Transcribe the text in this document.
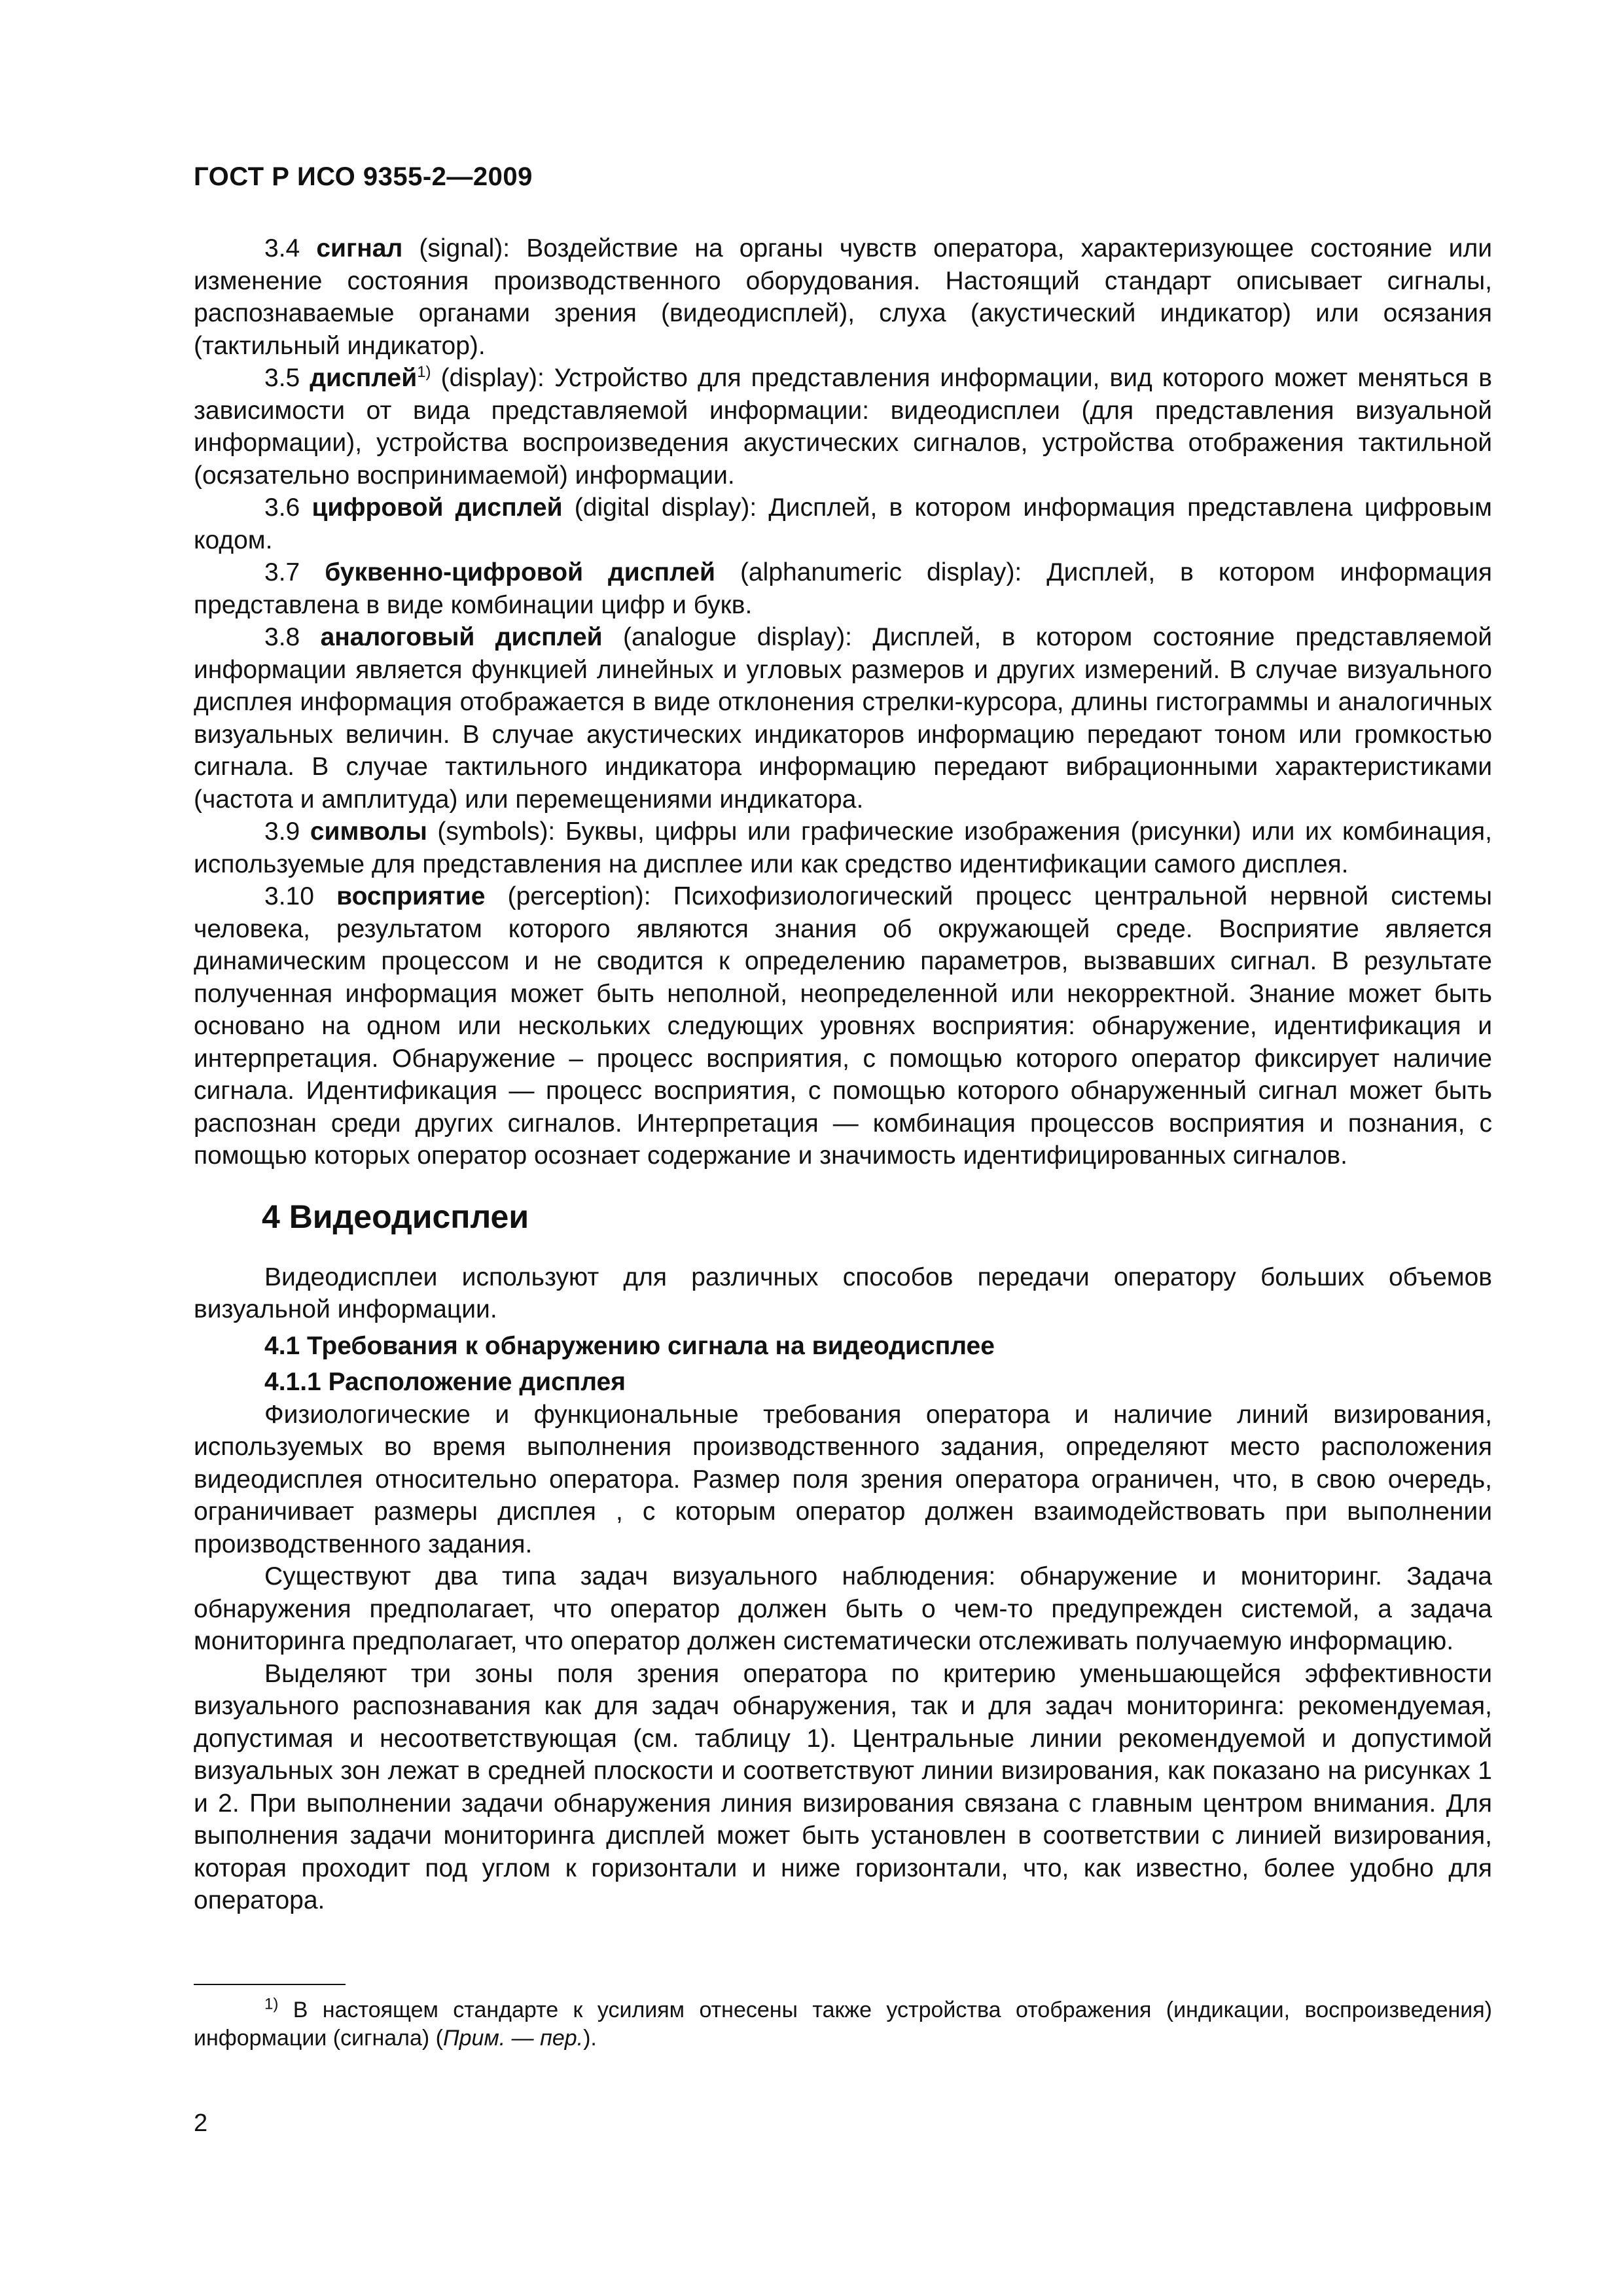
ГОСТ Р ИСО 9355-2—2009

3.4 сигнал (signal): Воздействие на органы чувств оператора, характеризующее состояние или изменение состояния производственного оборудования. Настоящий стандарт описывает сигналы, распознаваемые органами зрения (видеодисплей), слуха (акустический индикатор) или осязания (тактильный индикатор).

3.5 дисплей$^{1)}$ (display): Устройство для представления информации, вид которого может меняться в зависимости от вида представляемой информации: видеодисплеи (для представления визуальной информации), устройства воспроизведения акустических сигналов, устройства отображения тактильной (осязательно воспринимаемой) информации.

3.6 цифровой дисплей (digital display): Дисплей, в котором информация представлена цифровым кодом.

3.7 буквенно-цифровой дисплей (alphanumeric display): Дисплей, в котором информация представлена в виде комбинации цифр и букв.

3.8 аналоговый дисплей (analogue display): Дисплей, в котором состояние представляемой информации является функцией линейных и угловых размеров и других измерений. В случае визуального дисплея информация отображается в виде отклонения стрелки-курсора, длины гистограммы и аналогичных визуальных величин. В случае акустических индикаторов информацию передают тоном или громкостью сигнала. В случае тактильного индикатора информацию передают вибрационными характеристиками (частота и амплитуда) или перемещениями индикатора.

3.9 символы (symbols): Буквы, цифры или графические изображения (рисунки) или их комбинация, используемые для представления на дисплее или как средство идентификации самого дисплея.

3.10 восприятие (perception): Психофизиологический процесс центральной нервной системы человека, результатом которого являются знания об окружающей среде. Восприятие является динамическим процессом и не сводится к определению параметров, вызвавших сигнал. В результате полученная информация может быть неполной, неопределенной или некорректной. Знание может быть основано на одном или нескольких следующих уровнях восприятия: обнаружение, идентификация и интерпретация. Обнаружение – процесс восприятия, с помощью которого оператор фиксирует наличие сигнала. Идентификация — процесс восприятия, с помощью которого обнаруженный сигнал может быть распознан среди других сигналов. Интерпретация — комбинация процессов восприятия и познания, с помощью которых оператор осознает содержание и значимость идентифицированных сигналов.

4 Видеодисплеи

Видеодисплеи используют для различных способов передачи оператору больших объемов визуальной информации.

4.1 Требования к обнаружению сигнала на видеодисплее
4.1.1 Расположение дисплея

Физиологические и функциональные требования оператора и наличие линий визирования, используемых во время выполнения производственного задания, определяют место расположения видеодисплея относительно оператора. Размер поля зрения оператора ограничен, что, в свою очередь, ограничивает размеры дисплея , с которым оператор должен взаимодействовать при выполнении производственного задания.

Существуют два типа задач визуального наблюдения: обнаружение и мониторинг. Задача обнаружения предполагает, что оператор должен быть о чем-то предупрежден системой, а задача мониторинга предполагает, что оператор должен систематически отслеживать получаемую информацию.

Выделяют три зоны поля зрения оператора по критерию уменьшающейся эффективности визуального распознавания как для задач обнаружения, так и для задач мониторинга: рекомендуемая, допустимая и несоответствующая (см. таблицу 1). Центральные линии рекомендуемой и допустимой визуальных зон лежат в средней плоскости и соответствуют линии визирования, как показано на рисунках 1 и 2. При выполнении задачи обнаружения линия визирования связана с главным центром внимания. Для выполнения задачи мониторинга дисплей может быть установлен в соответствии с линией визирования, которая проходит под углом к горизонтали и ниже горизонтали, что, как известно, более удобно для оператора.

$^{1)}$ В настоящем стандарте к усилиям отнесены также устройства отображения (индикации, воспроизведения) информации (сигнала) (Прим. — пер.).

2
